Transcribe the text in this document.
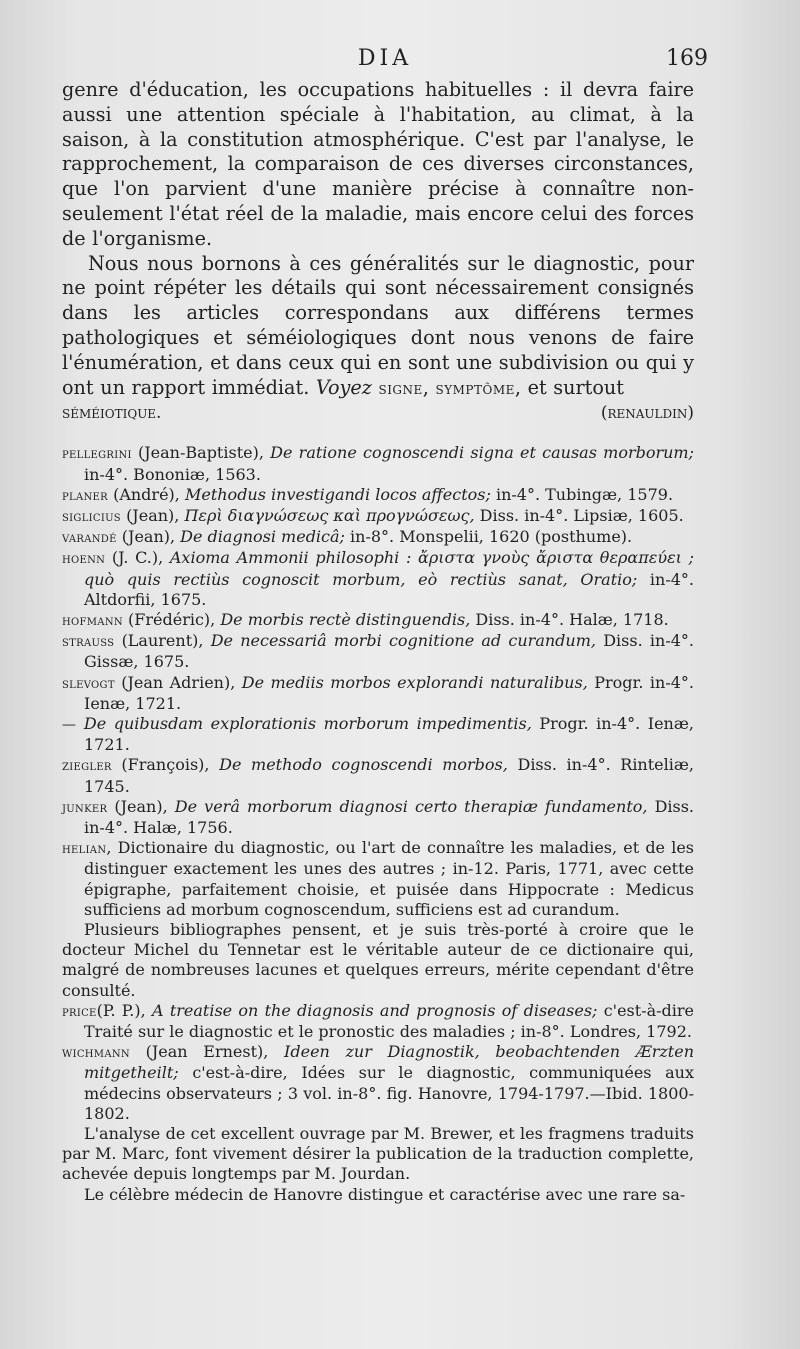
DIA	169

genre d'éducation, les occupations habituelles : il devra faire aussi une attention spéciale à l'habitation, au climat, à la saison, à la constitution atmosphérique. C'est par l'analyse, le rapprochement, la comparaison de ces diverses circonstances, que l'on parvient d'une manière précise à connaître non-seulement l'état réel de la maladie, mais encore celui des forces de l'organisme.

Nous nous bornons à ces généralités sur le diagnostic, pour ne point répéter les détails qui sont nécessairement consignés dans les articles correspondans aux différens termes pathologiques et séméiologiques dont nous venons de faire l'énumération, et dans ceux qui en sont une subdivision ou qui y ont un rapport immédiat. Voyez signe, symptôme, et surtout

séméiotique.	(renauldin)

pellegrini (Jean-Baptiste), De ratione cognoscendi signa et causas morborum; in-4°. Bononiæ, 1563.

planer (André), Methodus investigandi locos affectos; in-4°. Tubingæ, 1579.

siglicius (Jean), Περὶ διαγνώσεως καὶ προγνώσεως, Diss. in-4°. Lipsiæ, 1605.

varandé (Jean), De diagnosi medicâ; in-8°. Monspelii, 1620 (posthume).

hoenn (J. C.), Axioma Ammonii philosophi : ἄριστα γνοὺς ἄριστα θεραπεύει ; quò quis rectiùs cognoscit morbum, eò rectiùs sanat, Oratio; in-4°. Altdorfii, 1675.

hofmann (Frédéric), De morbis rectè distinguendis, Diss. in-4°. Halæ, 1718.

strauss (Laurent), De necessariâ morbi cognitione ad curandum, Diss. in-4°. Gissæ, 1675.

slevogt (Jean Adrien), De mediis morbos explorandi naturalibus, Progr. in-4°. Ienæ, 1721.

— De quibusdam explorationis morborum impedimentis, Progr. in-4°. Ienæ, 1721.

ziegler (François), De methodo cognoscendi morbos, Diss. in-4°. Rinteliæ, 1745.

junker (Jean), De verâ morborum diagnosi certo therapiæ fundamento, Diss. in-4°. Halæ, 1756.

helian, Dictionaire du diagnostic, ou l'art de connaître les maladies, et de les distinguer exactement les unes des autres ; in-12. Paris, 1771, avec cette épigraphe, parfaitement choisie, et puisée dans Hippocrate : Medicus sufficiens ad morbum cognoscendum, sufficiens est ad curandum.

Plusieurs bibliographes pensent, et je suis très-porté à croire que le docteur Michel du Tennetar est le véritable auteur de ce dictionaire qui, malgré de nombreuses lacunes et quelques erreurs, mérite cependant d'être consulté.

price(P. P.), A treatise on the diagnosis and prognosis of diseases; c'est-à-dire Traité sur le diagnostic et le pronostic des maladies ; in-8°. Londres, 1792.

wichmann (Jean Ernest), Ideen zur Diagnostik, beobachtenden Ærzten mitgetheilt; c'est-à-dire, Idées sur le diagnostic, communiquées aux médecins observateurs ; 3 vol. in-8°. fig. Hanovre, 1794-1797.—Ibid. 1800-1802.

L'analyse de cet excellent ouvrage par M. Brewer, et les fragmens traduits par M. Marc, font vivement désirer la publication de la traduction complette, achevée depuis longtemps par M. Jourdan.

Le célèbre médecin de Hanovre distingue et caractérise avec une rare sa-
